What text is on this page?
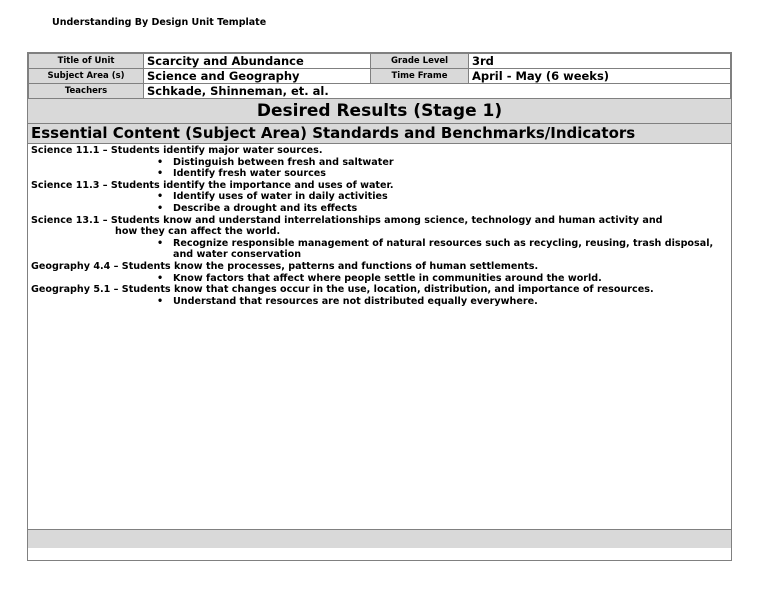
Understanding By Design Unit Template
Title of Unit	Scarcity and Abundance	Grade Level	3rd
Subject Area (s)	Science and Geography	Time Frame	April - May (6 weeks)
Teachers	Schkade, Shinneman, et. al.		
Desired Results (Stage 1)
Essential Content (Subject Area) Standards and Benchmarks/Indicators

Science 11.1 – Students identify major water sources.

• Distinguish between fresh and saltwater
• Identify fresh water sources

Science 11.3 – Students identify the importance and uses of water.

• Identify uses of water in daily activities
• Describe a drought and its effects

Science 13.1 – Students know and understand interrelationships among science, technology and human activity and

how they can affect the world.

• Recognize responsible management of natural resources such as recycling, reusing, trash disposal, and water conservation

Geography 4.4 – Students know the processes, patterns and functions of human settlements.

• Know factors that affect where people settle in communities around the world.

Geography 5.1 – Students know that changes occur in the use, location, distribution, and importance of resources.

• Understand that resources are not distributed equally everywhere.
